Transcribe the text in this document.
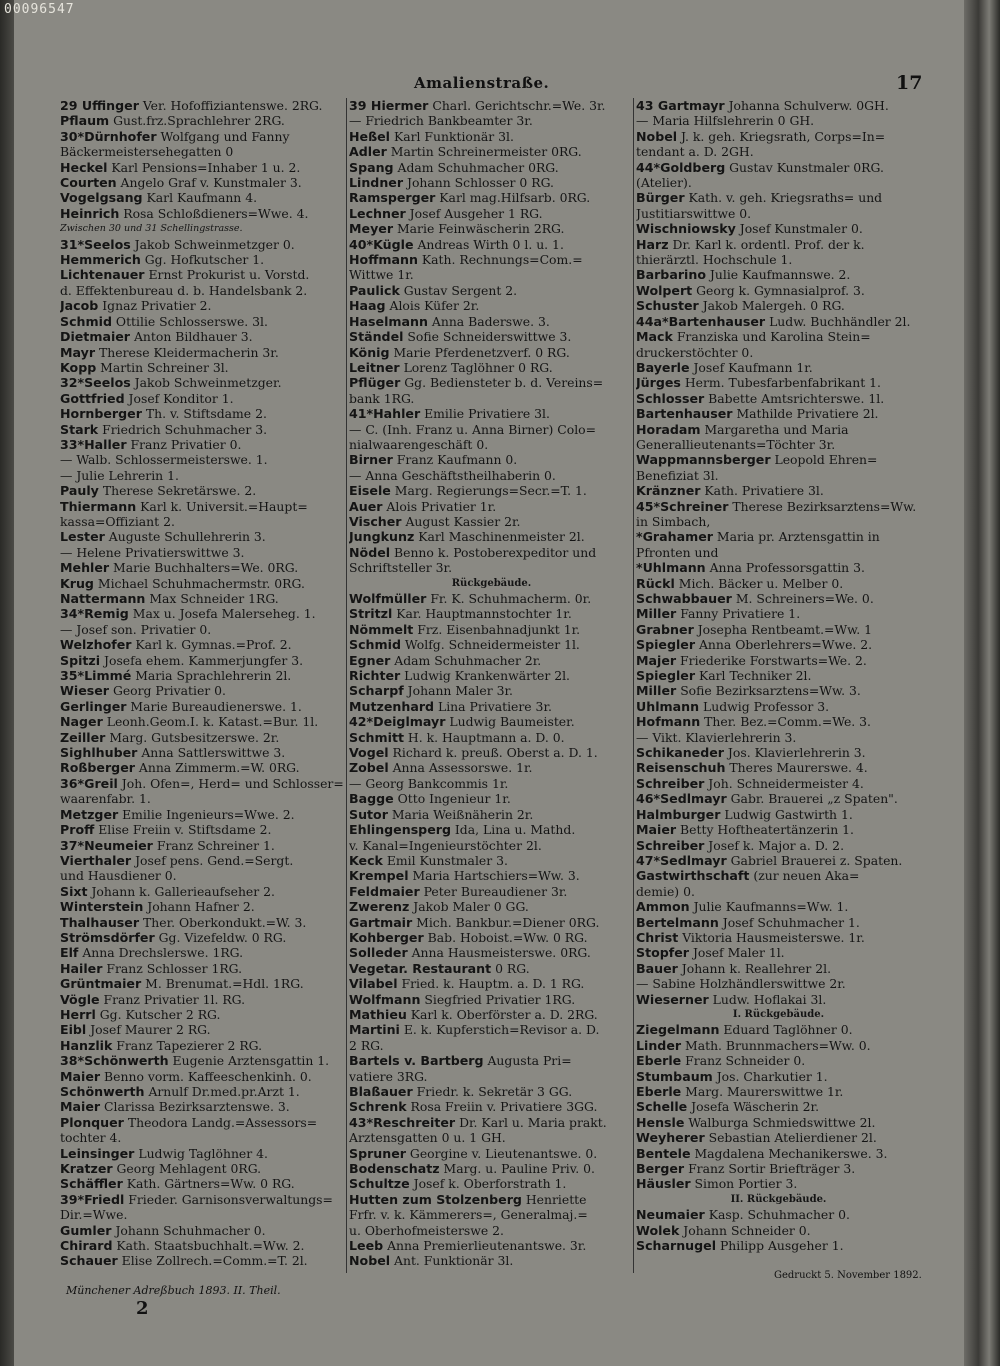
Amalienstraße.	17
29 Uffinger Ver. Hofoffiziantenswe. 2RG.
Pflaum Gust.frz.Sprachlehrer 2RG.
30*Dürnhofer Wolfgang und Fanny
Bäckermeistersehegatten 0
Heckel Karl Pensions=Inhaber 1 u. 2.
Courten Angelo Graf v. Kunstmaler 3.
Vogelgsang Karl Kaufmann 4.
Heinrich Rosa Schloßdieners=Wwe. 4.
Zwischen 30 und 31 Schellingstrasse.
31*Seelos Jakob Schweinmetzger 0.
Hemmerich Gg. Hofkutscher 1.
Lichtenauer Ernst Prokurist u. Vorstd.
d. Effektenbureau d. b. Handelsbank 2.
Jacob Ignaz Privatier 2.
Schmid Ottilie Schlosserswe. 3l.
Dietmaier Anton Bildhauer 3.
Mayr Therese Kleidermacherin 3r.
Kopp Martin Schreiner 3l.
32*Seelos Jakob Schweinmetzger.
Gottfried Josef Konditor 1.
Hornberger Th. v. Stiftsdame 2.
Stark Friedrich Schuhmacher 3.
33*Haller Franz Privatier 0.
— Walb. Schlossermeisterswe. 1.
— Julie Lehrerin 1.
Pauly Therese Sekretärswe. 2.
Thiermann Karl k. Universit.=Haupt=
kassa=Offiziant 2.
Lester Auguste Schullehrerin 3.
— Helene Privatierswittwe 3.
Mehler Marie Buchhalters=We. 0RG.
Krug Michael Schuhmachermstr. 0RG.
Nattermann Max Schneider 1RG.
34*Remig Max u. Josefa Malersehеg. 1.
— Josef son. Privatier 0.
Welzhofer Karl k. Gymnas.=Prof. 2.
Spitzi Josefa ehem. Kammerjungfer 3.
35*Limmé Maria Sprachlehrerin 2l.
Wieser Georg Privatier 0.
Gerlinger Marie Bureaudienerswe. 1.
Nager Leonh.Geom.I. k. Katast.=Bur. 1l.
Zeiller Marg. Gutsbesitzerswe. 2r.
Sighlhuber Anna Sattlerswittwe 3.
Roßberger Anna Zimmerm.=W. 0RG.
36*Greil Joh. Ofen=, Herd= und Schlosser=
waarenfabr. 1.
Metzger Emilie Ingenieurs=Wwe. 2.
Proff Elise Freiin v. Stiftsdame 2.
37*Neumeier Franz Schreiner 1.
Vierthaler Josef pens. Gend.=Sergt.
und Hausdiener 0.
Sixt Johann k. Gallerieaufseher 2.
Winterstein Johann Hafner 2.
Thalhauser Ther. Oberkondukt.=W. 3.
Strömsdörfer Gg. Vizefeldw. 0 RG.
Elf Anna Drechslerswe. 1RG.
Hailer Franz Schlosser 1RG.
Grüntmaier M. Brenumat.=Hdl. 1RG.
Vögle Franz Privatier 1l. RG.
Herrl Gg. Kutscher 2 RG.
Eibl Josef Maurer 2 RG.
Hanzlik Franz Tapezierer 2 RG.
38*Schönwerth Eugenie Arztensgattin 1.
Maier Benno vorm. Kaffeeschenkinh. 0.
Schönwerth Arnulf Dr.med.pr.Arzt 1.
Maier Clarissa Bezirksarztenswe. 3.
Plonquer Theodora Landg.=Assessors=
tochter 4.
Leinsinger Ludwig Taglöhner 4.
Kratzer Georg Mehlagent 0RG.
Schäffler Kath. Gärtners=Ww. 0 RG.
39*Friedl Frieder. Garnisonsverwaltungs=
Dir.=Wwe.
Gumler Johann Schuhmacher 0.
Chirard Kath. Staatsbuchhalt.=Ww. 2.
Schauer Elise Zollrech.=Comm.=T. 2l.
39 Hiermer Charl. Gerichtschr.=We. 3r.
— Friedrich Bankbeamter 3r.
Heßel Karl Funktionär 3l.
Adler Martin Schreinermeister 0RG.
Spang Adam Schuhmacher 0RG.
Lindner Johann Schlosser 0 RG.
Ramsperger Karl mag.Hilfsarb. 0RG.
Lechner Josef Ausgeher 1 RG.
Meyer Marie Feinwäscherin 2RG.
40*Kügle Andreas Wirth 0 l. u. 1.
Hoffmann Kath. Rechnungs=Com.=
Wittwe 1r.
Paulick Gustav Sergent 2.
Haag Alois Küfer 2r.
Haselmann Anna Baderswe. 3.
Ständel Sofie Schneiderswittwe 3.
König Marie Pferdenetzverf. 0 RG.
Leitner Lorenz Taglöhner 0 RG.
Pflüger Gg. Bedienstеter b. d. Vereins=
bank 1RG.
41*Hahler Emilie Privatiere 3l.
— C. (Inh. Franz u. Anna Birner) Colo=
nialwaarengeschäft 0.
Birner Franz Kaufmann 0.
— Anna Geschäftstheilhaberin 0.
Eisele Marg. Regierungs=Secr.=T. 1.
Auer Alois Privatier 1r.
Vischer August Kassier 2r.
Jungkunz Karl Maschinenmeister 2l.
Nödel Benno k. Postoberexpeditor und
Schriftsteller 3r.
Rückgebäude.
Wolfmüller Fr. K. Schuhmacherm. 0r.
Stritzl Kar. Hauptmannstochter 1r.
Nömmelt Frz. Eisenbahnadjunkt 1r.
Schmid Wolfg. Schneidermeister 1l.
Egner Adam Schuhmacher 2r.
Richter Ludwig Krankenwärter 2l.
Scharpf Johann Maler 3r.
Mutzenhard Lina Privatiere 3r.
42*Deiglmayr Ludwig Baumeister.
Schmitt H. k. Hauptmann a. D. 0.
Vogel Richard k. preuß. Oberst a. D. 1.
Zobel Anna Assessorswe. 1r.
— Georg Bankcommis 1r.
Bagge Otto Ingenieur 1r.
Sutor Maria Weißnäherin 2r.
Ehlingensperg Ida, Lina u. Mathd.
v. Kanal=Ingenieurstöchter 2l.
Keck Emil Kunstmaler 3.
Krempel Maria Hartschiers=Ww. 3.
Feldmaier Peter Bureaudiener 3r.
Zwerenz Jakob Maler 0 GG.
Gartmair Mich. Bankbur.=Diener 0RG.
Kohberger Bab. Hoboist.=Ww. 0 RG.
Solleder Anna Hausmeisterswe. 0RG.
Vegetar. Restaurant 0 RG.
Vilabel Fried. k. Hauptm. a. D. 1 RG.
Wolfmann Siegfried Privatier 1RG.
Mathieu Karl k. Oberförster a. D. 2RG.
Martini E. k. Kupferstich=Revisor a. D.
2 RG.
Bartels v. Bartberg Augusta Pri=
vatiere 3RG.
Blaßauer Friedr. k. Sekretär 3 GG.
Schrenk Rosa Freiin v. Privatiere 3GG.
43*Reschreiter Dr. Karl u. Maria prakt.
Arztensgatten 0 u. 1 GH.
Spruner Georgine v. Lieutenantswe. 0.
Bodenschatz Marg. u. Pauline Priv. 0.
Schultze Josef k. Oberforstrath 1.
Hutten zum Stolzenberg Henriette
Frfr. v. k. Kämmerers=, Generalmaj.=
u. Oberhofmeisterswe 2.
Leeb Anna Premierlieutenantswe. 3r.
Nobel Ant. Funktionär 3l.
43 Gartmayr Johanna Schulverw. 0GH.
— Maria Hilfslehrerin 0 GH.
Nobel J. k. geh. Kriegsrath, Corps=In=
tendant a. D. 2GH.
44*Goldberg Gustav Kunstmaler 0RG.
(Atelier).
Bürger Kath. v. geh. Kriegsraths= und
Justitiarswittwe 0.
Wischniowsky Josef Kunstmaler 0.
Harz Dr. Karl k. ordentl. Prof. der k.
thierärztl. Hochschule 1.
Barbarino Julie Kaufmannswe. 2.
Wolpert Georg k. Gymnasialprof. 3.
Schuster Jakob Malergeh. 0 RG.
44a*Bartenhauser Ludw. Buchhändler 2l.
Mack Franziska und Karolina Stein=
druckerstöchter 0.
Bayerle Josef Kaufmann 1r.
Jürges Herm. Tubesfarbenfabrikant 1.
Schlosser Babette Amtsrichterswe. 1l.
Bartenhauser Mathilde Privatiere 2l.
Horadam Margaretha und Maria
Generallieutenants=Töchter 3r.
Wappmannsberger Leopold Ehren=
Benefiziat 3l.
Kränzner Kath. Privatiere 3l.
45*Schreiner Therese Bezirksarztens=Ww.
in Simbach,
*Grahamer Maria pr. Arztensgattin in
Pfronten und
*Uhlmann Anna Professorsgattin 3.
Rückl Mich. Bäcker u. Melber 0.
Schwabbauer M. Schreiners=We. 0.
Miller Fanny Privatiere 1.
Grabner Josepha Rentbeamt.=Ww. 1
Spiegler Anna Oberlehrers=Wwe. 2.
Majer Friederike Forstwarts=We. 2.
Spiegler Karl Techniker 2l.
Miller Sofie Bezirksarztens=Ww. 3.
Uhlmann Ludwig Professor 3.
Hofmann Ther. Bez.=Comm.=We. 3.
— Vikt. Klavierlehrerin 3.
Schikaneder Jos. Klavierlehrerin 3.
Reisenschuh Theres Maurerswe. 4.
Schreiber Joh. Schneidermeister 4.
46*Sedlmayr Gabr. Brauerei „z Spaten".
Halmburger Ludwig Gastwirth 1.
Maier Betty Hoftheatertänzerin 1.
Schreiber Josef k. Major a. D. 2.
47*Sedlmayr Gabriel Brauerei z. Spaten.
Gastwirthschaft (zur neuen Aka=
demie) 0.
Ammon Julie Kaufmanns=Ww. 1.
Bertelmann Josef Schuhmacher 1.
Christ Viktoria Hausmeisterswe. 1r.
Stopfer Josef Maler 1l.
Bauer Johann k. Reallehrer 2l.
— Sabine Holzhändlerswittwe 2r.
Wieserner Ludw. Hoflakai 3l.
I. Rückgebäude.
Ziegelmann Eduard Taglöhner 0.
Linder Math. Brunnmachers=Ww. 0.
Eberle Franz Schneider 0.
Stumbaum Jos. Charkutier 1.
Eberle Marg. Maurerswittwe 1r.
Schelle Josefa Wäscherin 2r.
Hensle Walburga Schmiedswittwe 2l.
Weyherer Sebastian Atelierdiener 2l.
Bentele Magdalena Mechanikerswe. 3.
Berger Franz Sortir Briefträger 3.
Häusler Simon Portier 3.
II. Rückgebäude.
Neumaier Kasp. Schuhmacher 0.
Wolek Johann Schneider 0.
Scharnugel Philipp Ausgeher 1.
Münchener Adreßbuch 1893. II. Theil.
2
Gedruckt 5. November 1892.
00096547
